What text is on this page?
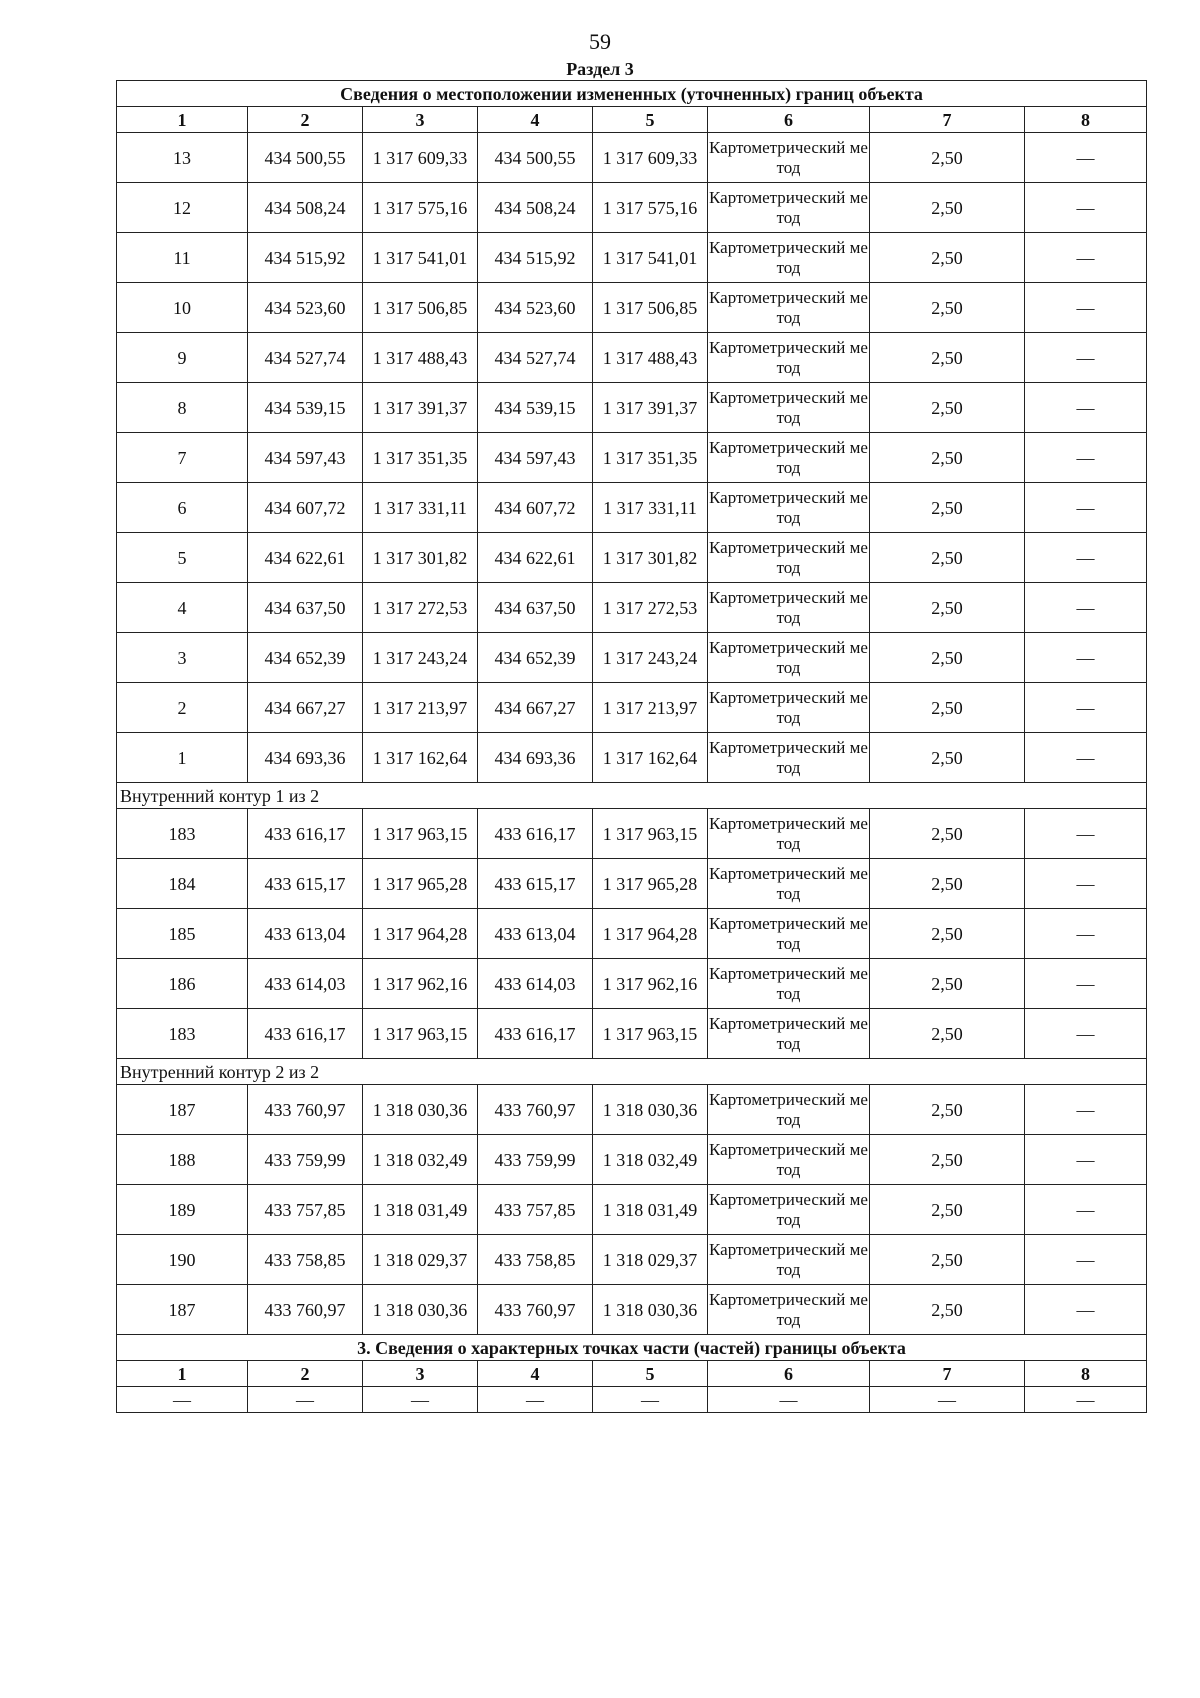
59
Раздел 3
Сведения о местоположении измененных (уточненных) границ объекта							
1	2	3	4	5	6	7	8
13	434 500,55	1 317 609,33	434 500,55	1 317 609,33	Картометрический метод	2,50	—
12	434 508,24	1 317 575,16	434 508,24	1 317 575,16	Картометрический метод	2,50	—
11	434 515,92	1 317 541,01	434 515,92	1 317 541,01	Картометрический метод	2,50	—
10	434 523,60	1 317 506,85	434 523,60	1 317 506,85	Картометрический метод	2,50	—
9	434 527,74	1 317 488,43	434 527,74	1 317 488,43	Картометрический метод	2,50	—
8	434 539,15	1 317 391,37	434 539,15	1 317 391,37	Картометрический метод	2,50	—
7	434 597,43	1 317 351,35	434 597,43	1 317 351,35	Картометрический метод	2,50	—
6	434 607,72	1 317 331,11	434 607,72	1 317 331,11	Картометрический метод	2,50	—
5	434 622,61	1 317 301,82	434 622,61	1 317 301,82	Картометрический метод	2,50	—
4	434 637,50	1 317 272,53	434 637,50	1 317 272,53	Картометрический метод	2,50	—
3	434 652,39	1 317 243,24	434 652,39	1 317 243,24	Картометрический метод	2,50	—
2	434 667,27	1 317 213,97	434 667,27	1 317 213,97	Картометрический метод	2,50	—
1	434 693,36	1 317 162,64	434 693,36	1 317 162,64	Картометрический метод	2,50	—
Внутренний контур 1 из 2							
183	433 616,17	1 317 963,15	433 616,17	1 317 963,15	Картометрический метод	2,50	—
184	433 615,17	1 317 965,28	433 615,17	1 317 965,28	Картометрический метод	2,50	—
185	433 613,04	1 317 964,28	433 613,04	1 317 964,28	Картометрический метод	2,50	—
186	433 614,03	1 317 962,16	433 614,03	1 317 962,16	Картометрический метод	2,50	—
183	433 616,17	1 317 963,15	433 616,17	1 317 963,15	Картометрический метод	2,50	—
Внутренний контур 2 из 2							
187	433 760,97	1 318 030,36	433 760,97	1 318 030,36	Картометрический метод	2,50	—
188	433 759,99	1 318 032,49	433 759,99	1 318 032,49	Картометрический метод	2,50	—
189	433 757,85	1 318 031,49	433 757,85	1 318 031,49	Картометрический метод	2,50	—
190	433 758,85	1 318 029,37	433 758,85	1 318 029,37	Картометрический метод	2,50	—
187	433 760,97	1 318 030,36	433 760,97	1 318 030,36	Картометрический метод	2,50	—
3. Сведения о характерных точках части (частей) границы объекта							
1	2	3	4	5	6	7	8
—	—	—	—	—	—	—	—
